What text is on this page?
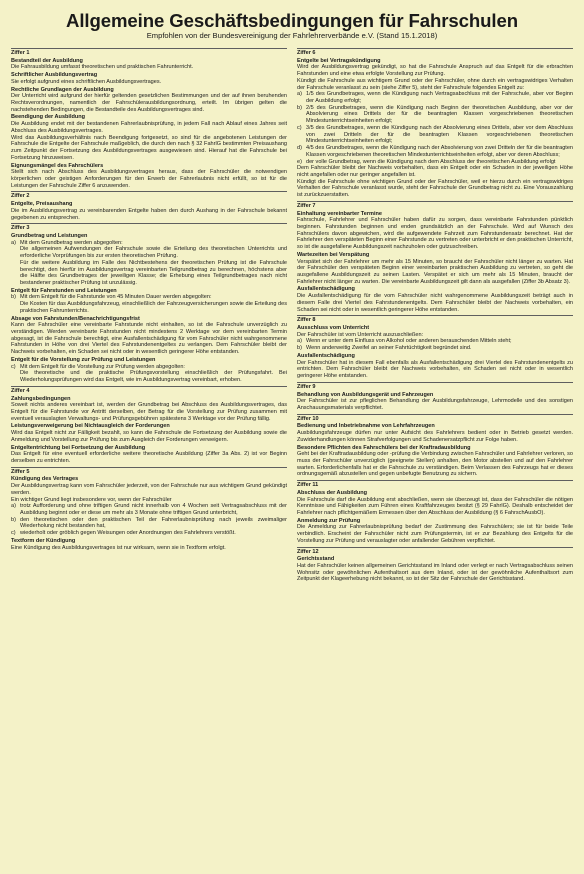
Allgemeine Geschäftsbedingungen für Fahrschulen
Empfohlen von der Bundesvereinigung der Fahrlehrerverbände e.V. (Stand 15.1.2018)
Ziffer 1
Bestandteil der Ausbildung
Die Fahrausbildung umfasst theoretischen und praktischen Fahrunterricht.
Schriftlicher Ausbildungsvertrag
Sie erfolgt aufgrund eines schriftlichen Ausbildungsvertrages.
Rechtliche Grundlagen der Ausbildung
Der Unterricht wird aufgrund der hierfür geltenden gesetzlichen Bestimmungen und der auf ihnen beruhenden Rechtsverordnungen, namentlich der Fahrschülerausbildungsordnung, erteilt. Im übrigen gelten die nachstehenden Bedingungen, die Bestandteile des Ausbildungsvertrages sind.
Beendigung der Ausbildung
Die Ausbildung endet mit der bestandenen Fahrerlaubnisprüfung, in jedem Fall nach Ablauf eines Jahres seit Abschluss des Ausbildungsvertrages.
Wird das Ausbildungsverhältnis nach Beendigung fortgesetzt, so sind für die angebotenen Leistungen der Fahrschule die Entgelte der Fahrschule maßgeblich, die durch den nach § 32 FahrlG bestimmten Preisaushang zum Zeitpunkt der Fortsetzung des Ausbildungsvertrages ausgewiesen sind. Hierauf hat die Fahrschule bei Fortsetzung hinzuweisen.
Eignungsmängel des Fahrschülers
Stellt sich nach Abschluss des Ausbildungsvertrages heraus, dass der Fahrschüler die notwendigen körperlichen oder geistigen Anforderungen für den Erwerb der Fahrerlaubnis nicht erfüllt, so ist für die Leistungen der Fahrschule Ziffer 6 anzuwenden.
Ziffer 2
Entgelte, Preisaushang
Die im Ausbildungsvertrag zu vereinbarenden Entgelte haben den durch Aushang in der Fahrschule bekannt gegebenen zu entsprechen.
Ziffer 3
Grundbetrag und Leistungen
a) Mit dem Grundbetrag werden abgegolten:
Die allgemeinen Aufwendungen der Fahrschule sowie die Erteilung des theoretischen Unterrichts und erforderliche Vorprüfungen bis zur ersten theoretischen Prüfung.
Für die weitere Ausbildung im Falle des Nichtbestehens der theoretischen Prüfung ist die Fahrschule berechtigt, den hierfür im Ausbildungsvertrag vereinbarten Teilgrundbetrag zu berechnen, höchstens aber die Hälfte des Grundbetrages der jeweiligen Klasse; die Erhebung eines Teilgrundbetrages nach nicht bestandener praktischer Prüfung ist unzulässig.
Entgelt für Fahrstunden und Leistungen
b) Mit dem Entgelt für die Fahrstunde von 45 Minuten Dauer werden abgegolten:
Die Kosten für das Ausbildungsfahrzeug, einschließlich der Fahrzeugversicherungen sowie die Erteilung des praktischen Fahrunterrichts.
Absage von Fahrstunden/Benachrichtigungsfrist
Kann der Fahrschüler eine vereinbarte Fahrstunde nicht einhalten, so ist die Fahrschule unverzüglich zu verständigen. Werden vereinbarte Fahrstunden nicht mindestens 2 Werktage vor dem vereinbarten Termin abgesagt, ist die Fahrschule berechtigt, eine Ausfallentschädigung für vom Fahrschüler nicht wahrgenommene Fahrstunden in Höhe von drei Viertel des Fahrstundenentgeltes zu verlangen. Dem Fahrschüler bleibt der Nachweis vorbehalten, ein Schaden sei nicht oder in wesentlich geringerer Höhe entstanden.
Entgelt für die Vorstellung zur Prüfung und Leistungen
c) Mit dem Entgelt für die Vorstellung zur Prüfung werden abgegolten:
Die theoretische und die praktische Prüfungsvorstellung einschließlich der Prüfungsfahrt. Bei Wiederholungsprüfungen wird das Entgelt, wie im Ausbildungsvertrag vereinbart, erhoben.
Ziffer 4
Zahlungsbedingungen
Soweit nichts anderes vereinbart ist, werden der Grundbetrag bei Abschluss des Ausbildungsvertrages, das Entgelt für die Fahrstunde vor Antritt derselben, der Betrag für die Vorstellung zur Prüfung zusammen mit eventuell verauslagten Verwaltungs- und Prüfungsgebühren spätestens 3 Werktage vor der Prüfung fällig.
Leistungsverweigerung bei Nichtausgleich der Forderungen
Wird das Entgelt nicht zur Fälligkeit bezahlt, so kann die Fahrschule die Fortsetzung der Ausbildung sowie die Anmeldung und Vorstellung zur Prüfung bis zum Ausgleich der Forderungen verweigern.
Entgeltentrichtung bei Fortsetzung der Ausbildung
Das Entgelt für eine eventuell erforderliche weitere theoretische Ausbildung (Ziffer 3a Abs. 2) ist vor Beginn derselben zu entrichten.
Ziffer 5
Kündigung des Vertrages
Der Ausbildungsvertrag kann vom Fahrschüler jederzeit, von der Fahrschule nur aus wichtigem Grund gekündigt werden.
Ein wichtiger Grund liegt insbesondere vor, wenn der Fahrschüler
a) trotz Aufforderung und ohne triftigen Grund nicht innerhalb von 4 Wochen seit Vertragsabschluss mit der Ausbildung beginnt oder er diese um mehr als 3 Monate ohne triftigen Grund unterbricht,
b) den theoretischen oder den praktischen Teil der Fahrerlaubnisprüfung nach jeweils zweimaliger Wiederholung nicht bestanden hat,
c) wiederholt oder gröblich gegen Weisungen oder Anordnungen des Fahrlehrers verstößt.
Textform der Kündigung
Eine Kündigung des Ausbildungsvertrages ist nur wirksam, wenn sie in Textform erfolgt.
Ziffer 6
Entgelte bei Vertragskündigung
Wird der Ausbildungsvertrag gekündigt, so hat die Fahrschule Anspruch auf das Entgelt für die erbrachten Fahrstunden und eine etwa erfolgte Vorstellung zur Prüfung.
Kündigt die Fahrschule aus wichtigem Grund oder der Fahrschüler, ohne durch ein vertragswidriges Verhalten der Fahrschule veranlasst zu sein (siehe Ziffer 5), steht der Fahrschule folgendes Entgelt zu:
a) 1/5 des Grundbetrages, wenn die Kündigung nach Vertragsabschluss mit der Fahrschule, aber vor Beginn der Ausbildung erfolgt;
b) 2/5 des Grundbetrages, wenn die Kündigung nach Beginn der theoretischen Ausbildung, aber vor der Absolvierung eines Drittels der für die beantragten Klassen vorgeschriebenen theoretischen Mindestunterrichtseinheiten erfolgt;
c) 3/5 des Grundbetrages, wenn die Kündigung nach der Absolvierung eines Drittels, aber vor dem Abschluss von zwei Dritteln der für die beantragten Klassen vorgeschriebenen theoretischen Mindestunterrichtseinheiten erfolgt;
d) 4/5 des Grundbetrages, wenn die Kündigung nach der Absolvierung von zwei Dritteln der für die beantragten Klassen vorgeschriebenen theoretischen Mindestunterrichtseinheiten erfolgt, aber vor deren Abschluss;
e) der volle Grundbetrag, wenn die Kündigung nach dem Abschluss der theoretischen Ausbildung erfolgt
Dem Fahrschüler bleibt der Nachweis vorbehalten, dass ein Entgelt oder ein Schaden in der jeweiligen Höhe nicht angefallen oder nur geringer angefallen ist.
Kündigt die Fahrschule ohne wichtigen Grund oder der Fahrschüler, weil er hierzu durch ein vertragswidriges Verhalten der Fahrschule veranlasst wurde, steht der Fahrschule der Grundbetrag nicht zu. Eine Vorauszahlung ist zurückzuerstatten.
Ziffer 7
Einhaltung vereinbarter Termine
Fahrschule, Fahrlehrer und Fahrschüler haben dafür zu sorgen, dass vereinbarte Fahrstunden pünktlich beginnen. Fahrstunden beginnen und enden grundsätzlich an der Fahrschule. Wird auf Wunsch des Fahrschülers davon abgewichen, wird die aufgewendete Fahrzeit zum Fahrstundensatz berechnet. Hat der Fahrlehrer den verspäteten Beginn einer Fahrstunde zu vertreten oder unterbricht er den praktischen Unterricht, so ist die ausgefallene Ausbildungszeit nachzuholen oder gutzuschreiben.
Wartezeiten bei Verspätung
Verspätet sich der Fahrlehrer um mehr als 15 Minuten, so braucht der Fahrschüler nicht länger zu warten. Hat der Fahrschüler den verspäteten Beginn einer vereinbarten praktischen Ausbildung zu vertreten, so geht die ausgefallene Ausbildungszeit zu seinen Lasten. Verspätet er sich um mehr als 15 Minuten, braucht der Fahrlehrer nicht länger zu warten. Die vereinbarte Ausbildungszeit gilt dann als ausgefallen (Ziffer 3b Absatz 3).
Ausfallentschädigung
Die Ausfallentschädigung für die vom Fahrschüler nicht wahrgenommene Ausbildungszeit beträgt auch in diesem Falle drei Viertel des Fahrstundenentgelts. Dem Fahrschüler bleibt der Nachweis vorbehalten, ein Schaden sei nicht oder in wesentlich geringerer Höhe entstanden.
Ziffer 8
Ausschluss vom Unterricht
Der Fahrschüler ist vom Unterricht auszuschließen:
a) Wenn er unter dem Einfluss von Alkohol oder anderen berauschenden Mitteln steht;
b) Wenn anderweitig Zweifel an seiner Fahrtüchtigkeit begründet sind.
Ausfallentschädigung
Der Fahrschüler hat in diesem Fall ebenfalls als Ausfallentschädigung drei Viertel des Fahrstundenentgelts zu entrichten. Dem Fahrschüler bleibt der Nachweis vorbehalten, ein Schaden sei nicht oder in wesentlich geringerer Höhe entstanden.
Ziffer 9
Behandlung von Ausbildungsgerät und Fahrzeugen
Der Fahrschüler ist zur pfleglichen Behandlung der Ausbildungsfahrzeuge, Lehrmodelle und des sonstigen Anschauungsmaterials verpflichtet.
Ziffer 10
Bedienung und Inbetriebnahme von Lehrfahrzeugen
Ausbildungsfahrzeuge dürfen nur unter Aufsicht des Fahrlehrers bedient oder in Betrieb gesetzt werden. Zuwiderhandlungen können Strafverfolgungen und Schadenersatzpflicht zur Folge haben.
Besondere Pflichten des Fahrschülers bei der Kraftradausbildung
Geht bei der Kraftradausbildung oder -prüfung die Verbindung zwischen Fahrschüler und Fahrlehrer verloren, so muss der Fahrschüler unverzüglich (geeignete Stellen) anhalten, den Motor abstellen und auf den Fahrlehrer warten. Erforderlichenfalls hat er die Fahrschule zu verständigen. Beim Verlassen des Fahrzeugs hat er dieses ordnungsgemäß abzustellen und gegen unbefugte Benutzung zu sichern.
Ziffer 11
Abschluss der Ausbildung
Die Fahrschule darf die Ausbildung erst abschließen, wenn sie überzeugt ist, dass der Fahrschüler die nötigen Kenntnisse und Fähigkeiten zum Führen eines Kraftfahrzeuges besitzt (§ 29 FahrlG). Deshalb entscheidet der Fahrlehrer nach pflichtgemäßem Ermessen über den Abschluss der Ausbildung (§ 6 FahrschAusbO).
Anmeldung zur Prüfung
Die Anmeldung zur Fahrerlaubnisprüfung bedarf der Zustimmung des Fahrschülers; sie ist für beide Teile verbindlich. Erscheint der Fahrschüler nicht zum Prüfungstermin, ist er zur Bezahlung des Entgelts für die Vorstellung zur Prüfung und verauslagter oder anfallender Gebühren verpflichtet.
Ziffer 12
Gerichtsstand
Hat der Fahrschüler keinen allgemeinen Gerichtsstand im Inland oder verlegt er nach Vertragsabschluss seinen Wohnsitz oder gewöhnlichen Aufenthaltsort aus dem Inland, oder ist der gewöhnliche Aufenthaltsort zum Zeitpunkt der Klageerhebung nicht bekannt, so ist der Sitz der Fahrschule der Gerichtsstand.
